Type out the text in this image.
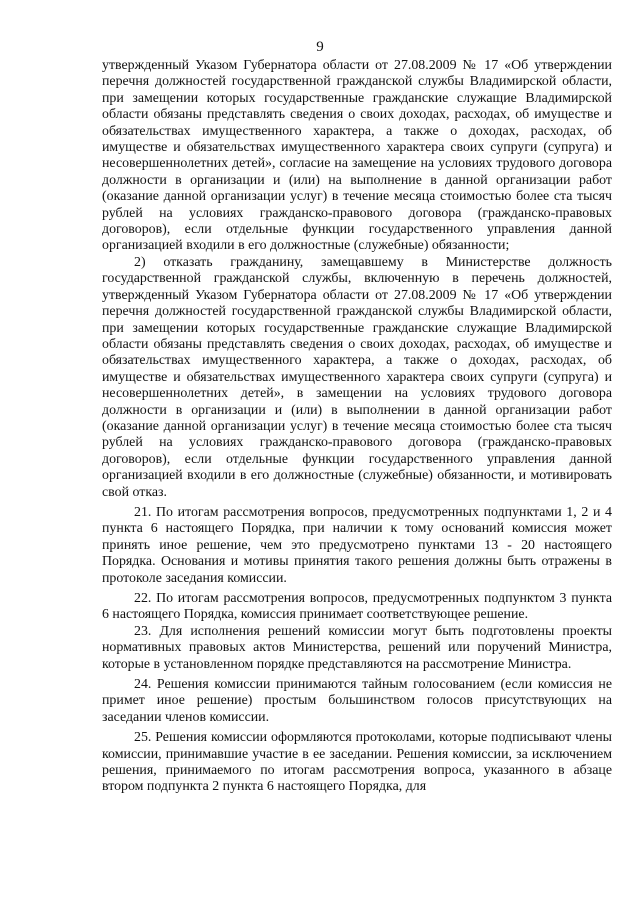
9

утвержденный Указом Губернатора области от 27.08.2009 № 17 «Об утверждении перечня должностей государственной гражданской службы Владимирской области, при замещении которых государственные гражданские служащие Владимирской области обязаны представлять сведения о своих доходах, расходах, об имуществе и обязательствах имущественного характера, а также о доходах, расходах, об имуществе и обязательствах имущественного характера своих супруги (супруга) и несовершеннолетних детей», согласие на замещение на условиях трудового договора должности в организации и (или) на выполнение в данной организации работ (оказание данной организации услуг) в течение месяца стоимостью более ста тысяч рублей на условиях гражданско-правового договора (гражданско-правовых договоров), если отдельные функции государственного управления данной организацией входили в его должностные (служебные) обязанности;

2) отказать гражданину, замещавшему в Министерстве должность государственной гражданской службы, включенную в перечень должностей, утвержденный Указом Губернатора области от 27.08.2009 № 17 «Об утверждении перечня должностей государственной гражданской службы Владимирской области, при замещении которых государственные гражданские служащие Владимирской области обязаны представлять сведения о своих доходах, расходах, об имуществе и обязательствах имущественного характера, а также о доходах, расходах, об имуществе и обязательствах имущественного характера своих супруги (супруга) и несовершеннолетних детей», в замещении на условиях трудового договора должности в организации и (или) в выполнении в данной организации работ (оказание данной организации услуг) в течение месяца стоимостью более ста тысяч рублей на условиях гражданско-правового договора (гражданско-правовых договоров), если отдельные функции государственного управления данной организацией входили в его должностные (служебные) обязанности, и мотивировать свой отказ.

21. По итогам рассмотрения вопросов, предусмотренных подпунктами 1, 2 и 4 пункта 6 настоящего Порядка, при наличии к тому оснований комиссия может принять иное решение, чем это предусмотрено пунктами 13 - 20 настоящего Порядка. Основания и мотивы принятия такого решения должны быть отражены в протоколе заседания комиссии.

22. По итогам рассмотрения вопросов, предусмотренных подпунктом 3 пункта 6 настоящего Порядка, комиссия принимает соответствующее решение.

23. Для исполнения решений комиссии могут быть подготовлены проекты нормативных правовых актов Министерства, решений или поручений Министра, которые в установленном порядке представляются на рассмотрение Министра.

24. Решения комиссии принимаются тайным голосованием (если комиссия не примет иное решение) простым большинством голосов присутствующих на заседании членов комиссии.

25. Решения комиссии оформляются протоколами, которые подписывают члены комиссии, принимавшие участие в ее заседании. Решения комиссии, за исключением решения, принимаемого по итогам рассмотрения вопроса, указанного в абзаце втором подпункта 2 пункта 6 настоящего Порядка, для
